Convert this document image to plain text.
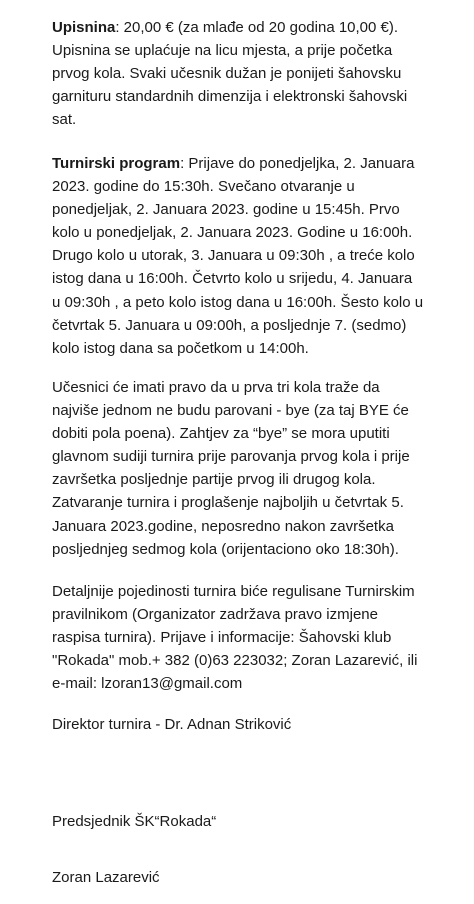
Upisnina: 20,00 € (za mlađe od 20 godina 10,00 €). Upisnina se uplaćuje na licu mjesta, a prije početka prvog kola. Svaki učesnik dužan je ponijeti šahovsku garnituru standardnih dimenzija i elektronski šahovski sat.

Turnirski program: Prijave do ponedjeljka, 2. Januara 2023. godine do 15:30h. Svečano otvaranje u ponedjeljak, 2. Januara 2023. godine u 15:45h. Prvo kolo u ponedjeljak, 2. Januara 2023. Godine u 16:00h. Drugo kolo u utorak, 3. Januara u 09:30h , a treće kolo istog dana u 16:00h. Četvrto kolo u srijedu, 4. Januara u 09:30h , a peto kolo istog dana u 16:00h. Šesto kolo u četvrtak 5. Januara u 09:00h, a posljednje 7. (sedmo) kolo istog dana sa početkom u 14:00h.

Učesnici će imati pravo da u prva tri kola traže da najviše jednom ne budu parovani - bye (za taj BYE će dobiti pola poena). Zahtjev za “bye” se mora uputiti glavnom sudiji turnira prije parovanja prvog kola i prije završetka posljednje partije prvog ili drugog kola. Zatvaranje turnira i proglašenje najboljih u četvrtak 5. Januara 2023.godine, neposredno nakon završetka posljednjeg sedmog kola (orijentaciono oko 18:30h).

Detaljnije pojedinosti turnira biće regulisane Turnirskim pravilnikom (Organizator zadržava pravo izmjene raspisa turnira). Prijave i informacije: Šahovski klub "Rokada" mob.+ 382 (0)63 223032; Zoran Lazarević, ili e-mail: lzoran13@gmail.com

Direktor turnira - Dr. Adnan Striković

Predsjednik ŠK“Rokada“

Zoran Lazarević
